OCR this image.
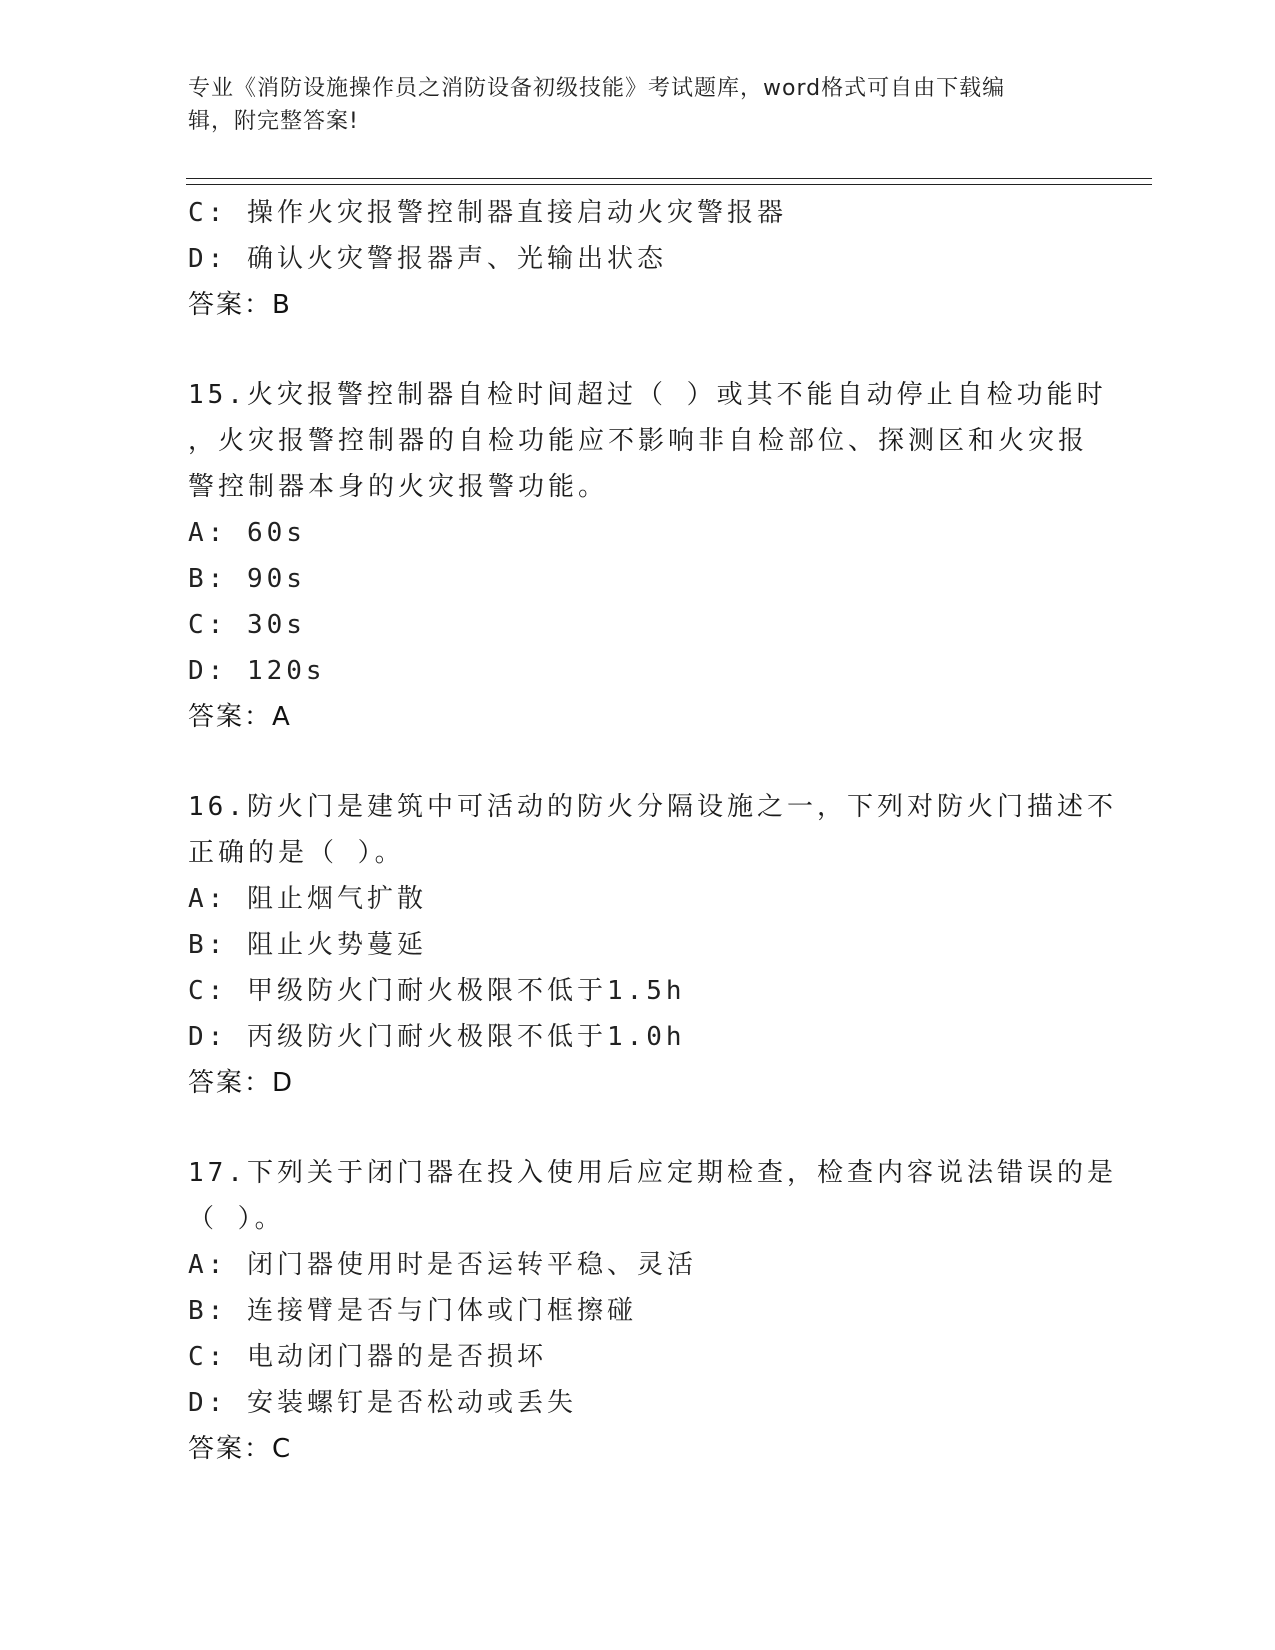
专业《消防设施操作员之消防设备初级技能》考试题库，word格式可自由下载编
辑，附完整答案!
C: 操作火灾报警控制器直接启动火灾警报器
D: 确认火灾警报器声、光输出状态
答案：B
15.火灾报警控制器自检时间超过（ ）或其不能自动停止自检功能时
，火灾报警控制器的自检功能应不影响非自检部位、探测区和火灾报
警控制器本身的火灾报警功能。
A: 60s
B: 90s
C: 30s
D: 120s
答案：A
16.防火门是建筑中可活动的防火分隔设施之一，下列对防火门描述不
正确的是（ ）。
A: 阻止烟气扩散
B: 阻止火势蔓延
C: 甲级防火门耐火极限不低于1.5h
D: 丙级防火门耐火极限不低于1.0h
答案：D
17.下列关于闭门器在投入使用后应定期检查，检查内容说法错误的是
（ ）。
A: 闭门器使用时是否运转平稳、灵活
B: 连接臂是否与门体或门框擦碰
C: 电动闭门器的是否损坏
D: 安装螺钉是否松动或丢失
答案：C
